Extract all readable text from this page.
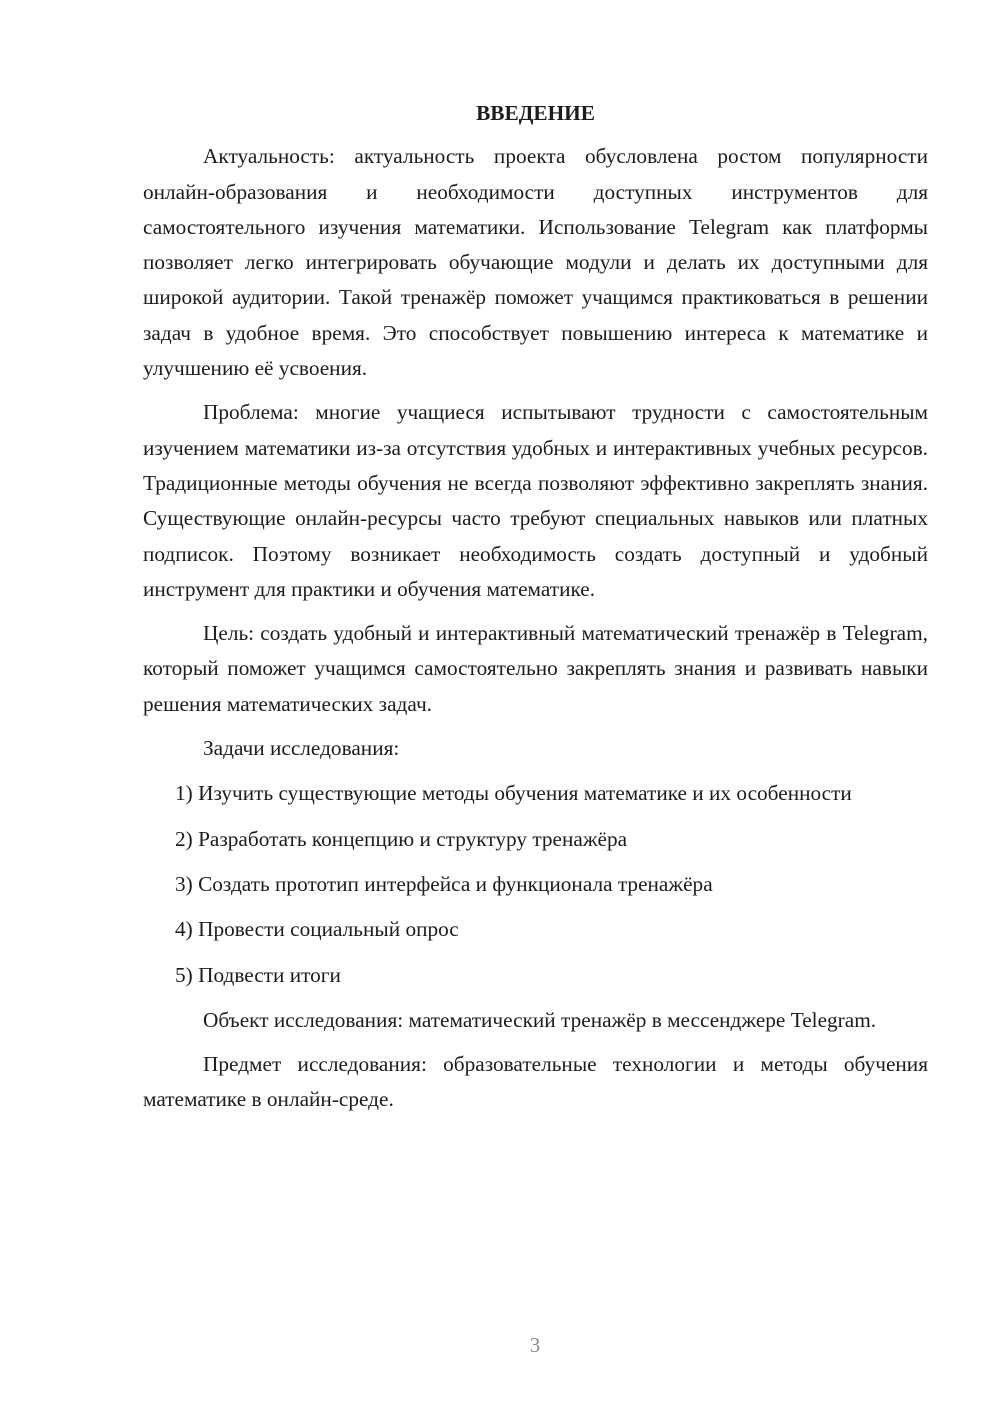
ВВЕДЕНИЕ

Актуальность: актуальность проекта обусловлена ростом популярности онлайн-образования и необходимости доступных инструментов для самостоятельного изучения математики. Использование Telegram как платформы позволяет легко интегрировать обучающие модули и делать их доступными для широкой аудитории. Такой тренажёр поможет учащимся практиковаться в решении задач в удобное время. Это способствует повышению интереса к математике и улучшению её усвоения.

Проблема: многие учащиеся испытывают трудности с самостоятельным изучением математики из-за отсутствия удобных и интерактивных учебных ресурсов. Традиционные методы обучения не всегда позволяют эффективно закреплять знания. Существующие онлайн-ресурсы часто требуют специальных навыков или платных подписок. Поэтому возникает необходимость создать доступный и удобный инструмент для практики и обучения математике.

Цель: создать удобный и интерактивный математический тренажёр в Telegram, который поможет учащимся самостоятельно закреплять знания и развивать навыки решения математических задач.

Задачи исследования:

1) Изучить существующие методы обучения математике и их особенности

2) Разработать концепцию и структуру тренажёра

3) Создать прототип интерфейса и функционала тренажёра

4) Провести социальный опрос

5) Подвести итоги

Объект исследования: математический тренажёр в мессенджере Telegram.

Предмет исследования: образовательные технологии и методы обучения математике в онлайн-среде.

3
